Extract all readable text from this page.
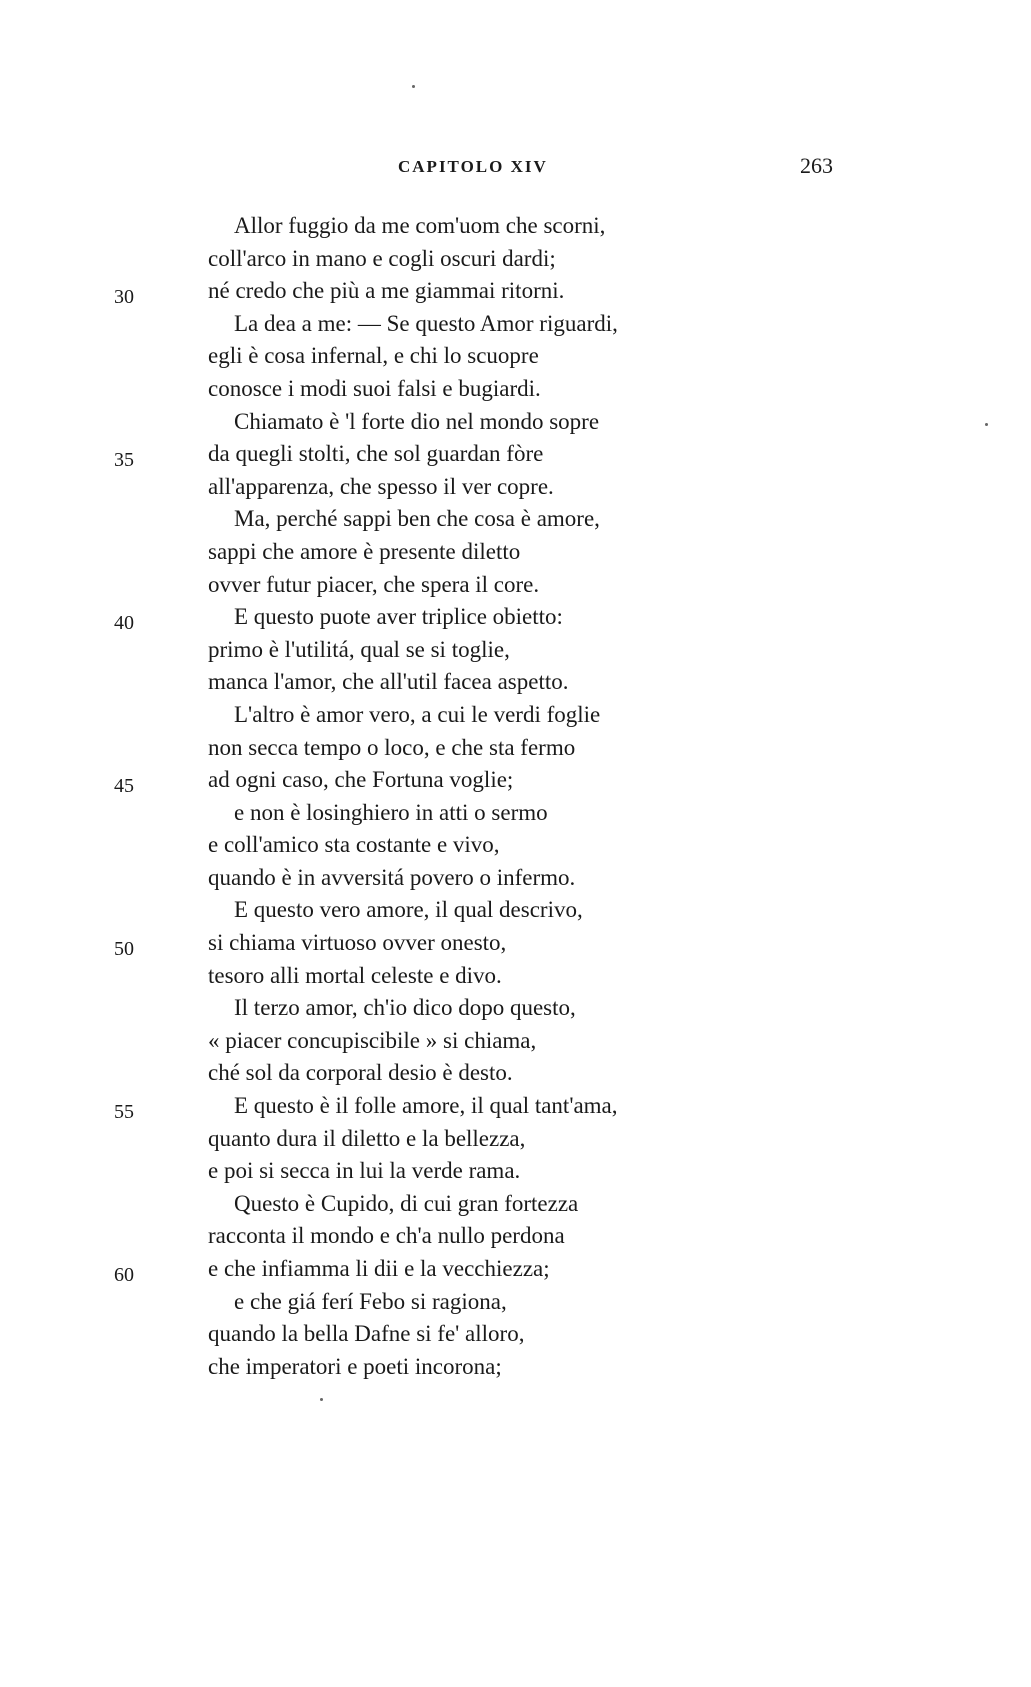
CAPITOLO XIV	263
Allor fuggio da me com'uom che scorni,
coll'arco in mano e cogli oscuri dardi;
30	né credo che più a me giammai ritorni.
La dea a me: — Se questo Amor riguardi,
egli è cosa infernal, e chi lo scuopre
conosce i modi suoi falsi e bugiardi.
Chiamato è 'l forte dio nel mondo sopre
35	da quegli stolti, che sol guardan fòre
all'apparenza, che spesso il ver copre.
Ma, perché sappi ben che cosa è amore,
sappi che amore è presente diletto
ovver futur piacer, che spera il core.
40	E questo puote aver triplice obietto:
primo è l'utilitá, qual se si toglie,
manca l'amor, che all'util facea aspetto.
L'altro è amor vero, a cui le verdi foglie
non secca tempo o loco, e che sta fermo
45	ad ogni caso, che Fortuna voglie;
e non è losinghiero in atti o sermo
e coll'amico sta costante e vivo,
quando è in avversitá povero o infermo.
E questo vero amore, il qual descrivo,
50	si chiama virtuoso ovver onesto,
tesoro alli mortal celeste e divo.
Il terzo amor, ch'io dico dopo questo,
« piacer concupiscibile » si chiama,
ché sol da corporal desio è desto.
55	E questo è il folle amore, il qual tant'ama,
quanto dura il diletto e la bellezza,
e poi si secca in lui la verde rama.
Questo è Cupido, di cui gran fortezza
racconta il mondo e ch'a nullo perdona
60	e che infiamma li dii e la vecchiezza;
e che giá ferí Febo si ragiona,
quando la bella Dafne si fe' alloro,
che imperatori e poeti incorona;
